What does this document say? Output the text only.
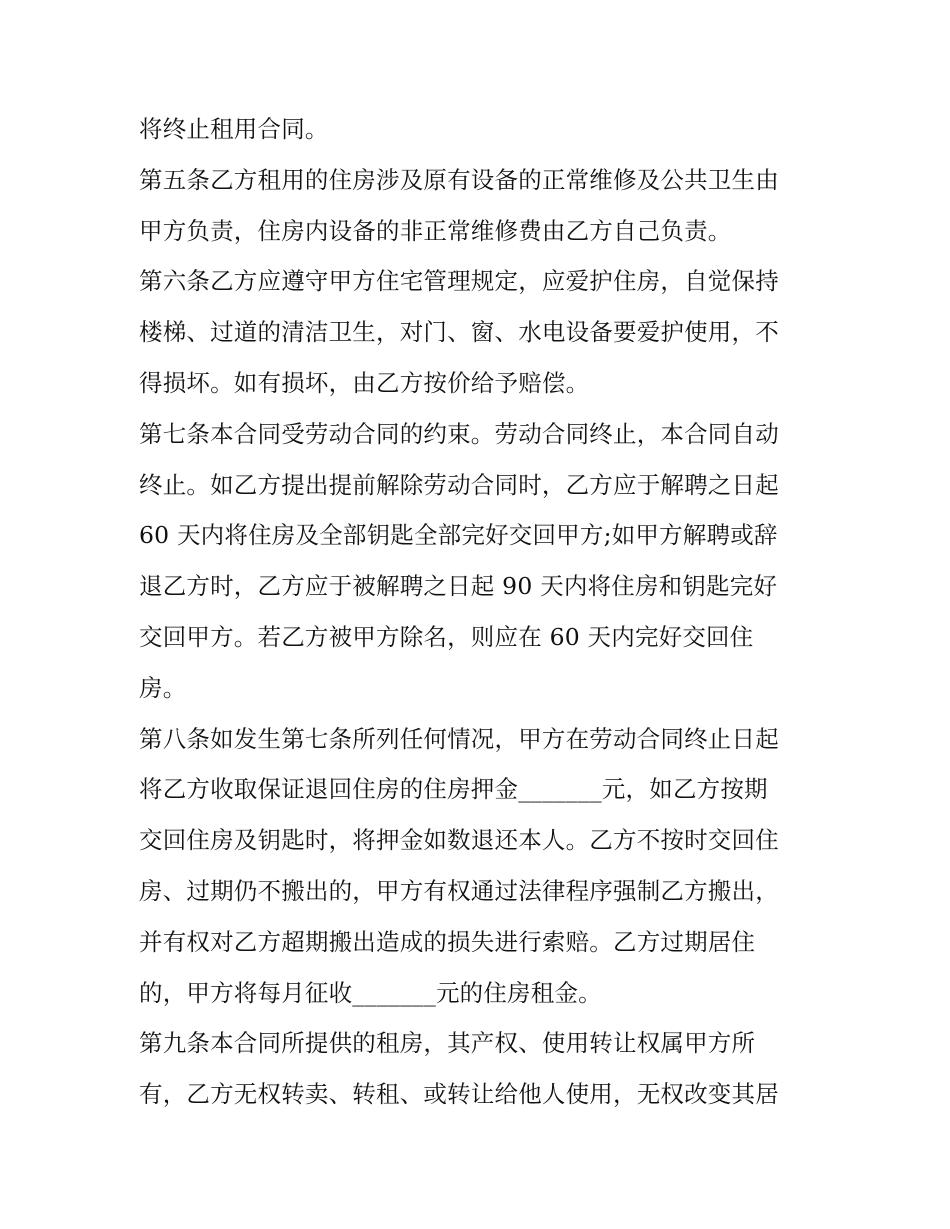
将终止租用合同。
第五条乙方租用的住房涉及原有设备的正常维修及公共卫生由
甲方负责，住房内设备的非正常维修费由乙方自己负责。
第六条乙方应遵守甲方住宅管理规定，应爱护住房，自觉保持
楼梯、过道的清洁卫生，对门、窗、水电设备要爱护使用，不
得损坏。如有损坏，由乙方按价给予赔偿。
第七条本合同受劳动合同的约束。劳动合同终止，本合同自动
终止。如乙方提出提前解除劳动合同时，乙方应于解聘之日起
60 天内将住房及全部钥匙全部完好交回甲方;如甲方解聘或辞
退乙方时，乙方应于被解聘之日起 90 天内将住房和钥匙完好
交回甲方。若乙方被甲方除名，则应在 60 天内完好交回住
房。
第八条如发生第七条所列任何情况，甲方在劳动合同终止日起
将乙方收取保证退回住房的住房押金_______元，如乙方按期
交回住房及钥匙时，将押金如数退还本人。乙方不按时交回住
房、过期仍不搬出的，甲方有权通过法律程序强制乙方搬出，
并有权对乙方超期搬出造成的损失进行索赔。乙方过期居住
的，甲方将每月征收_______元的住房租金。
第九条本合同所提供的租房，其产权、使用转让权属甲方所
有，乙方无权转卖、转租、或转让给他人使用，无权改变其居
